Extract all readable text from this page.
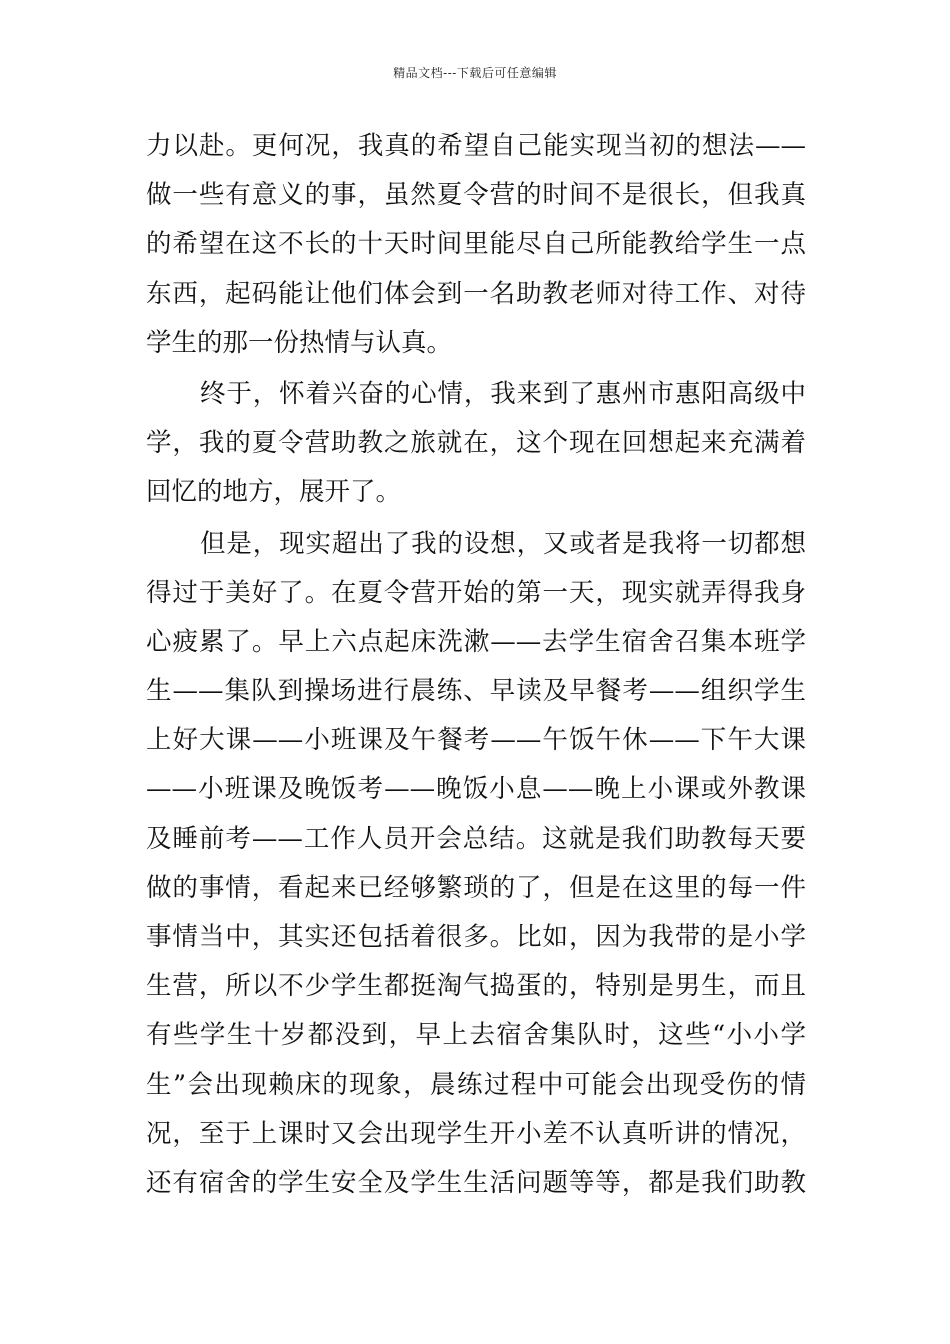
精品文档---下载后可任意编辑
力以赴。更何况，我真的希望自己能实现当初的想法——
做一些有意义的事，虽然夏令营的时间不是很长，但我真
的希望在这不长的十天时间里能尽自己所能教给学生一点
东西，起码能让他们体会到一名助教老师对待工作、对待
学生的那一份热情与认真。
终于，怀着兴奋的心情，我来到了惠州市惠阳高级中
学，我的夏令营助教之旅就在，这个现在回想起来充满着
回忆的地方，展开了。
但是，现实超出了我的设想，又或者是我将一切都想
得过于美好了。在夏令营开始的第一天，现实就弄得我身
心疲累了。早上六点起床洗漱——去学生宿舍召集本班学
生——集队到操场进行晨练、早读及早餐考——组织学生
上好大课——小班课及午餐考——午饭午休——下午大课
——小班课及晚饭考——晚饭小息——晚上小课或外教课
及睡前考——工作人员开会总结。这就是我们助教每天要
做的事情，看起来已经够繁琐的了，但是在这里的每一件
事情当中，其实还包括着很多。比如，因为我带的是小学
生营，所以不少学生都挺淘气捣蛋的，特别是男生，而且
有些学生十岁都没到，早上去宿舍集队时，这些“小小学
生”会出现赖床的现象，晨练过程中可能会出现受伤的情
况，至于上课时又会出现学生开小差不认真听讲的情况，
还有宿舍的学生安全及学生生活问题等等，都是我们助教
